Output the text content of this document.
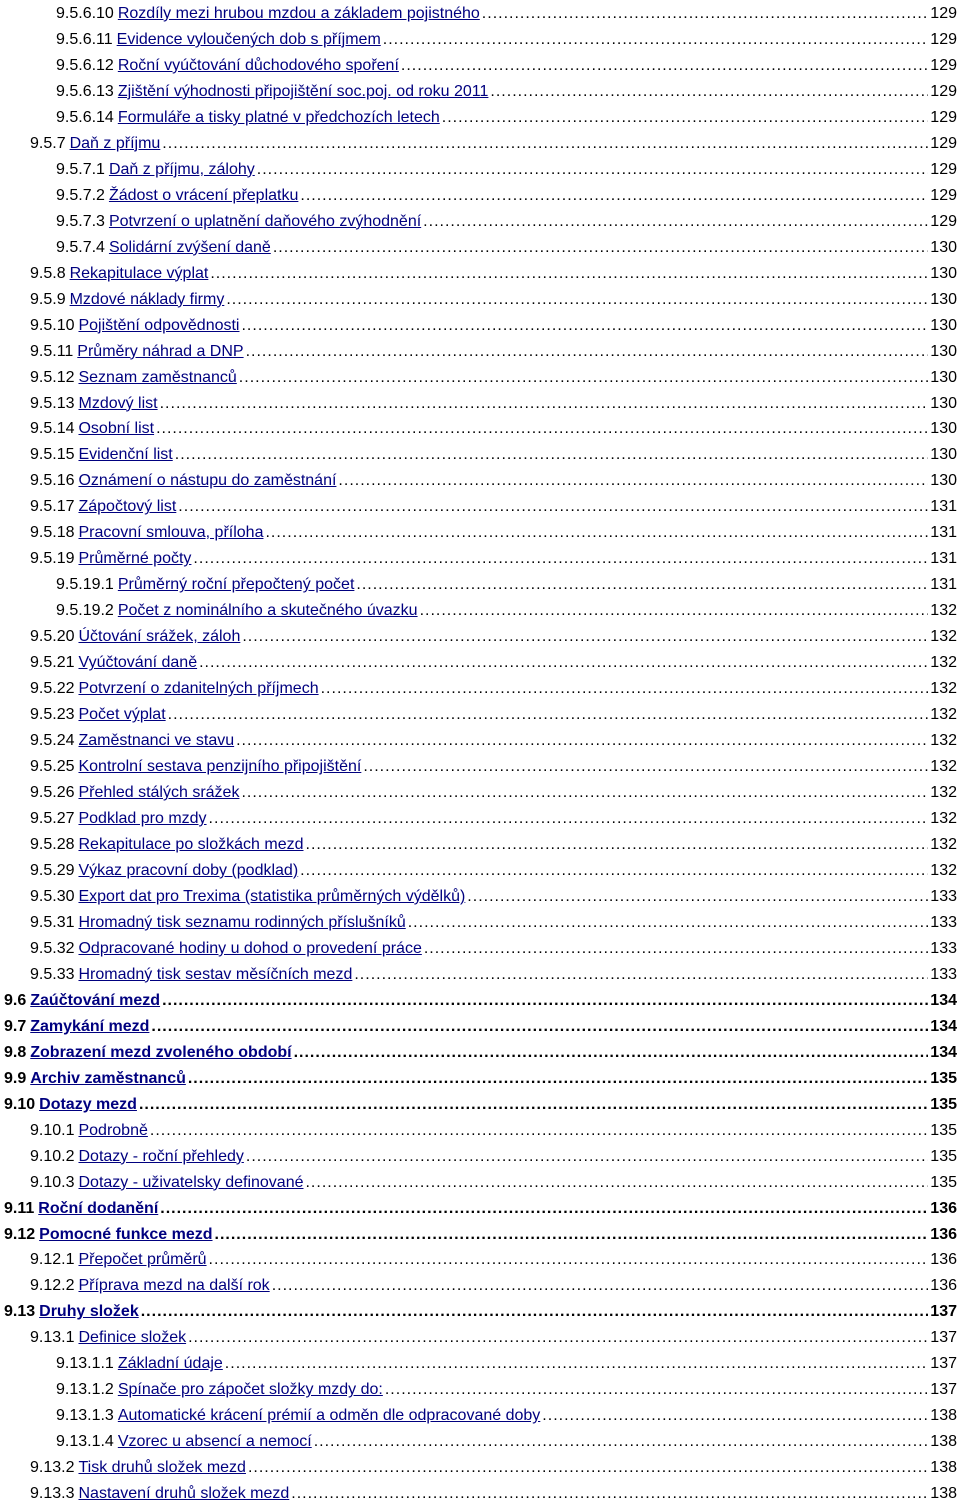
9.5.6.10 Rozdíly mezi hrubou mzdou a základem pojistného .....	129
9.5.6.11 Evidence vyloučených dob s příjmem .....	129
9.5.6.12 Roční vyúčtování důchodového spoření .....	129
9.5.6.13 Zjištění výhodnosti připojištění soc.poj. od roku 2011 .....	129
9.5.6.14 Formuláře a tisky platné v předchozích letech .....	129
9.5.7 Daň z příjmu .....	129
9.5.7.1 Daň z příjmu, zálohy .....	129
9.5.7.2 Žádost o vrácení přeplatku .....	129
9.5.7.3 Potvrzení o uplatnění daňového zvýhodnění .....	129
9.5.7.4 Solidární zvýšení daně .....	130
9.5.8 Rekapitulace výplat .....	130
9.5.9 Mzdové náklady firmy .....	130
9.5.10 Pojištění odpovědnosti .....	130
9.5.11 Průměry náhrad a DNP .....	130
9.5.12 Seznam zaměstnanců .....	130
9.5.13 Mzdový list .....	130
9.5.14 Osobní list .....	130
9.5.15 Evidenční list .....	130
9.5.16 Oznámení o nástupu do zaměstnání .....	130
9.5.17 Zápočtový list .....	131
9.5.18 Pracovní smlouva, příloha .....	131
9.5.19 Průměrné počty .....	131
9.5.19.1 Průměrný roční přepočtený počet .....	131
9.5.19.2 Počet z nominálního a skutečného úvazku .....	132
9.5.20 Účtování srážek, záloh .....	132
9.5.21 Vyúčtování daně .....	132
9.5.22 Potvrzení o zdanitelných příjmech .....	132
9.5.23 Počet výplat .....	132
9.5.24 Zaměstnanci ve stavu .....	132
9.5.25 Kontrolní sestava penzijního připojištění .....	132
9.5.26 Přehled stálých srážek .....	132
9.5.27 Podklad pro mzdy .....	132
9.5.28 Rekapitulace po složkách mezd .....	132
9.5.29 Výkaz pracovní doby (podklad) .....	132
9.5.30 Export dat pro Trexima (statistika průměrných výdělků) .....	133
9.5.31 Hromadný tisk seznamu rodinných příslušníků .....	133
9.5.32 Odpracované hodiny u dohod o provedení práce .....	133
9.5.33 Hromadný tisk sestav měsíčních mezd .....	133
9.6 Zaúčtování mezd .....	134
9.7 Zamykání mezd .....	134
9.8 Zobrazení mezd zvoleného období .....	134
9.9 Archiv zaměstnanců .....	135
9.10 Dotazy mezd .....	135
9.10.1 Podrobně .....	135
9.10.2 Dotazy - roční přehledy .....	135
9.10.3 Dotazy - uživatelsky definované .....	135
9.11 Roční dodanění .....	136
9.12 Pomocné funkce mezd .....	136
9.12.1 Přepočet průměrů .....	136
9.12.2 Příprava mezd na další rok .....	136
9.13 Druhy složek .....	137
9.13.1 Definice složek .....	137
9.13.1.1 Základní údaje .....	137
9.13.1.2 Spínače pro zápočet složky mzdy do: .....	137
9.13.1.3 Automatické krácení prémií a odměn dle odpracované doby .....	138
9.13.1.4 Vzorec u absencí a nemocí .....	138
9.13.2 Tisk druhů složek mezd .....	138
9.13.3 Nastavení druhů složek mezd .....	138
